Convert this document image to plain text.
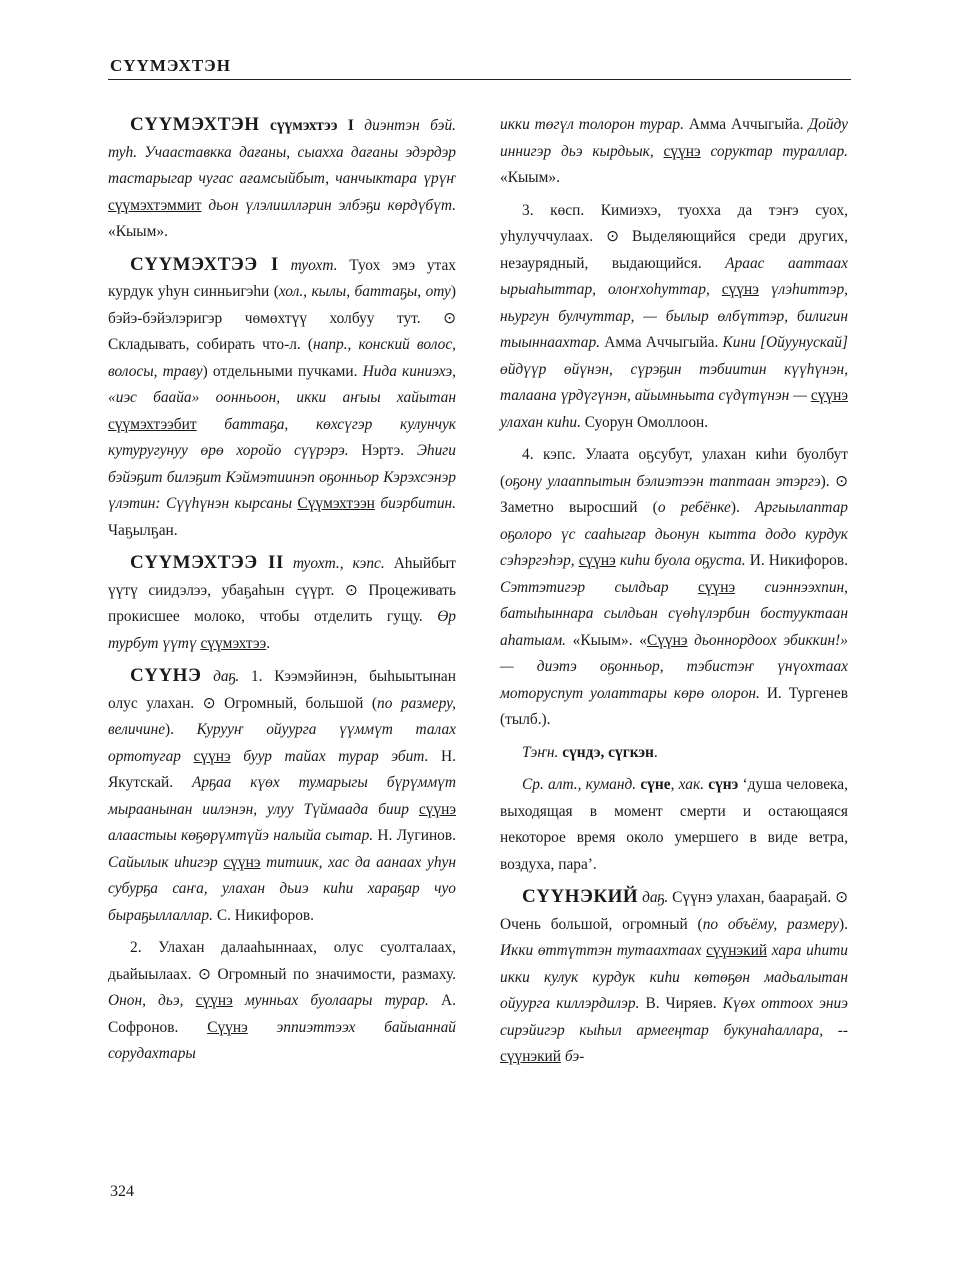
СҮҮМЭХТЭН

СҮҮМЭХТЭН сүүмэхтээ I диэнтэн бэй. туһ. Учааставкка дағаны, сыахха дағаны эдэрдэр тастарыгар чугас ағамсыйбыт, чанчыктара үрүҥ сүүмэхтэммит дьон үлэлиилләрин элбэҕи көрдүбүт. «Кыым».

СҮҮМЭХТЭЭ I туохт. Туох эмэ утах курдук уһун синньигэһи (хол., кылы, баттаҕы, оту) бэйэ-бэйэлэригэр чөмөхтүү холбуу тут. ⊙ Складывать, собирать что-л. (напр., конский волос, волосы, траву) отдельными пучками. Нида киниэхэ, «иэс баайа» оонньоон, икки аҥыы хайытан сүүмэхтээбит баттаҕа, көхсүгэр кулунчук кутуругунуу өрө хоройо сүүрэрэ. Нэртэ. Эһиги бэйэҕит билэҕит Кэймэтиинэп оҕонньор Кэрэхсэнэр үлэтин: Сүүһүнэн кырсаны Сүүмэхтээн биэрбитин. Чаҕылҕан.

СҮҮМЭХТЭЭ II туохт., кэпс. Аһыйбыт үүтү сиидэлээ, убаҕаһын сүүрт. ⊙ Процеживать прокисшее молоко, чтобы отделить гущу. Өр турбут үүтү сүүмэхтээ.

СҮҮНЭ даҕ. 1. Кээмэйинэн, быһыытынан олус улахан. ⊙ Огромный, большой (по размеру, величине). Курууҥ ойуурга үүммүт талах ортотугар сүүнэ буур тайах турар эбит. Н. Якутскай. Арҕаа күөх тумарыгы бүрүммүт мыраанынан иилэнэн, улуу Түймаада биир сүүнэ алаастыы көҕөрүмтүйэ налыйа сытар. Н. Лугинов. Сайылык иһигэр сүүнэ титиик, хас да аанаах уһун субурҕа саҥа, улахан дьиэ киһи хараҕар чуо быраҕыллаллар. С. Никифоров.

2. Улахан далааһыннаах, олус суолталаах, дьайыылаах. ⊙ Огромный по значимости, размаху. Онон, дьэ, сүүнэ мунньах буолаары турар. А. Софронов. Сүүнэ эппиэттээх байыаннай сорудахтары

икки төгүл толорон турар. Амма Аччыгыйа. Дойду иннигэр дьэ кырдьык, сүүнэ соруктар тураллар. «Кыым».

3. көсп. Кимиэхэ, туохха да тэҥэ суох, уһулуччулаах. ⊙ Выделяющийся среди других, незаурядный, выдающийся. Араас ааттаах ырыаһыттар, олоҥхоһуттар, сүүнэ үлэһиттэр, ньургун булчуттар, — былыр өлбүттэр, билигин тыыннаахтар. Амма Аччыгыйа. Кини [Ойуунускай] өйдүүр өйүнэн, сүрэҕин тэбиитин күүһүнэн, талаана үрдүгүнэн, айымньыта сүдүтүнэн — сүүнэ улахан киһи. Суорун Омоллоон.

4. кэпс. Улаата оҕсубут, улахан киһи буолбут (оҕону улааппытын бэлиэтээн таптаан этэргэ). ⊙ Заметно выросший (о ребёнке). Аргыылаптар оҕолоро үс сааһыгар дьонун кытта додо курдук сэһэргэһэр, сүүнэ киһи буола оҕуста. И. Никифоров. Сэттэтигэр сылдьар сүүнэ сиэннээхпин, батыһыннара сылдьан сүөһүлэрбин бостууктаан аһатыам. «Кыым». «Сүүнэ дьоннордоох эбиккин!» — диэтэ оҕонньор, тэбистэҥ үнүохтаах моторуспут уолаттары көрө олорон. И. Тургенев (тылб.).

Тэҥн. сүндэ, сүгкэн.

Ср. алт., куманд. сүне, хак. сүнэ ‘душа человека, выходящая в момент смерти и остающаяся некоторое время около умершего в виде ветра, воздуха, пара’.

СҮҮНЭКИЙ даҕ. Сүүнэ улахан, баараҕай. ⊙ Очень большой, огромный (по объёму, размеру). Икки өттүттэн тутаахтаах сүүнэкий хара иһити икки кулук курдук киһи көтөҕөн мадьалытан ойуурга киллэрдилэр. В. Чиряев. Күөх оттоох эниэ сирэйигэр кыһыл армееңтар букунаһаллара, -- сүүнэкий бэ-

324
